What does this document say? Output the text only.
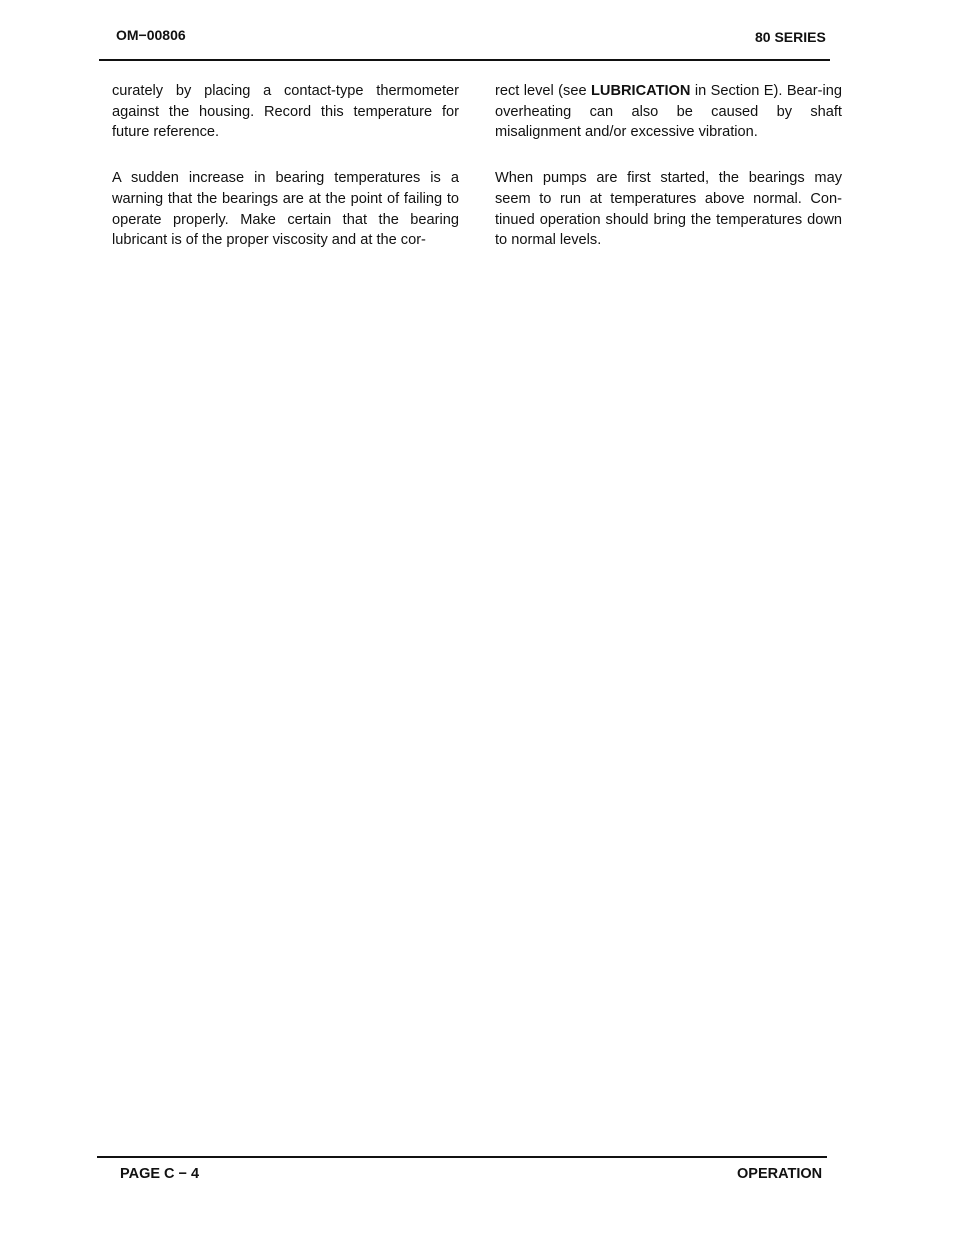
OM−00806	80 SERIES

curately by placing a contact-type thermometer against the housing. Record this temperature for future reference.

A sudden increase in bearing temperatures is a warning that the bearings are at the point of failing to operate properly. Make certain that the bearing lubricant is of the proper viscosity and at the cor-

rect level (see LUBRICATION in Section E). Bear-ing overheating can also be caused by shaft misalignment and/or excessive vibration.

When pumps are first started, the bearings may seem to run at temperatures above normal. Con-tinued operation should bring the temperatures down to normal levels.

PAGE C − 4	OPERATION
